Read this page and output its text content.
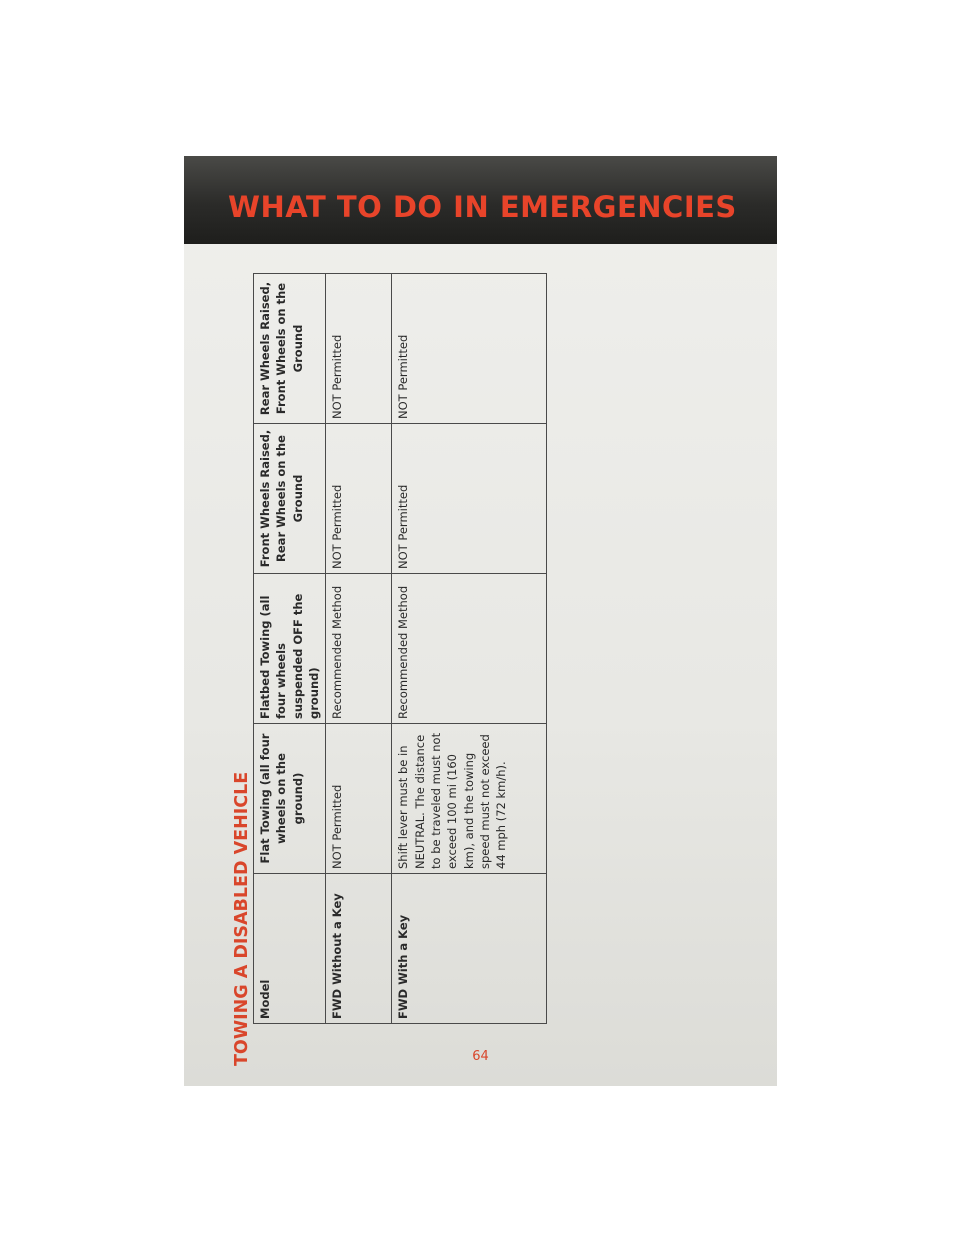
WHAT TO DO IN EMERGENCIES
TOWING A DISABLED VEHICLE	64
Model	Flat Towing (all four wheels on the ground)	Flatbed Towing (all four wheels suspended OFF the ground)	Front Wheels Raised, Rear Wheels on the Ground	Rear Wheels Raised, Front Wheels on the Ground
FWD Without a Key	NOT Permitted	Recommended Method	NOT Permitted	NOT Permitted
FWD With a Key	Shift lever must be in NEUTRAL. The distance to be traveled must not exceed 100 mi (160 km), and the towing speed must not exceed 44 mph (72 km/h).	Recommended Method	NOT Permitted	NOT Permitted
